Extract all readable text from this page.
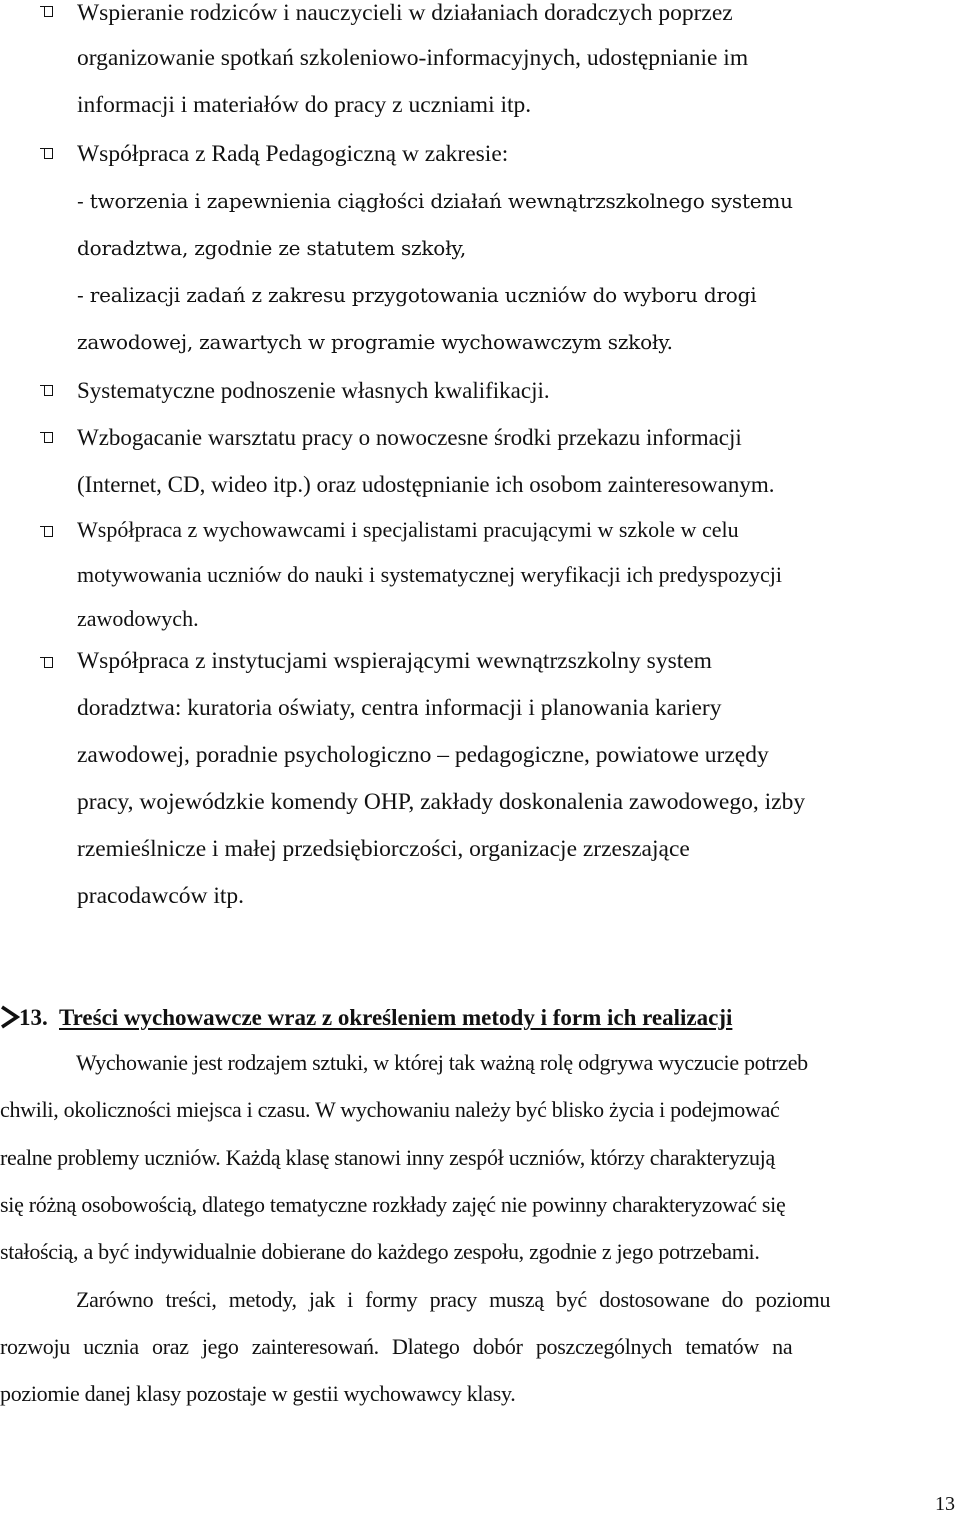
Wspieranie rodziców i nauczycieli w działaniach doradczych poprzez
organizowanie spotkań szkoleniowo-informacyjnych, udostępnianie im
informacji i materiałów do pracy z uczniami itp.
Współpraca z Radą Pedagogiczną w zakresie:
- tworzenia i zapewnienia ciągłości działań wewnątrzszkolnego systemu
doradztwa, zgodnie ze statutem szkoły,
- realizacji zadań z zakresu przygotowania uczniów do wyboru drogi
zawodowej, zawartych w programie wychowawczym szkoły.
Systematyczne podnoszenie własnych kwalifikacji.
Wzbogacanie warsztatu pracy o nowoczesne środki przekazu informacji
(Internet, CD, wideo itp.) oraz udostępnianie ich osobom zainteresowanym.
Współpraca z wychowawcami i specjalistami pracującymi w szkole w celu
motywowania uczniów do nauki i systematycznej weryfikacji ich predyspozycji
zawodowych.
Współpraca z instytucjami wspierającymi wewnątrzszkolny system
doradztwa: kuratoria oświaty, centra informacji i planowania kariery
zawodowej, poradnie psychologiczno – pedagogiczne, powiatowe urzędy
pracy, wojewódzkie komendy OHP, zakłady doskonalenia zawodowego, izby
rzemieślnicze i małej przedsiębiorczości, organizacje zrzeszające
pracodawców itp.
13. Treści wychowawcze wraz z określeniem metody i form ich realizacji
Wychowanie jest rodzajem sztuki, w której tak ważną rolę odgrywa wyczucie potrzeb
chwili, okoliczności miejsca i czasu. W wychowaniu należy być blisko życia i podejmować
realne problemy uczniów. Każdą klasę stanowi inny zespół uczniów, którzy charakteryzują
się różną osobowością, dlatego tematyczne rozkłady zajęć nie powinny charakteryzować się
stałością, a być indywidualnie dobierane do każdego zespołu, zgodnie z jego potrzebami.
Zarówno treści, metody, jak i formy pracy muszą być dostosowane do poziomu
rozwoju ucznia oraz jego zainteresowań. Dlatego dobór poszczególnych tematów na
poziomie danej klasy pozostaje w gestii wychowawcy klasy.
13
